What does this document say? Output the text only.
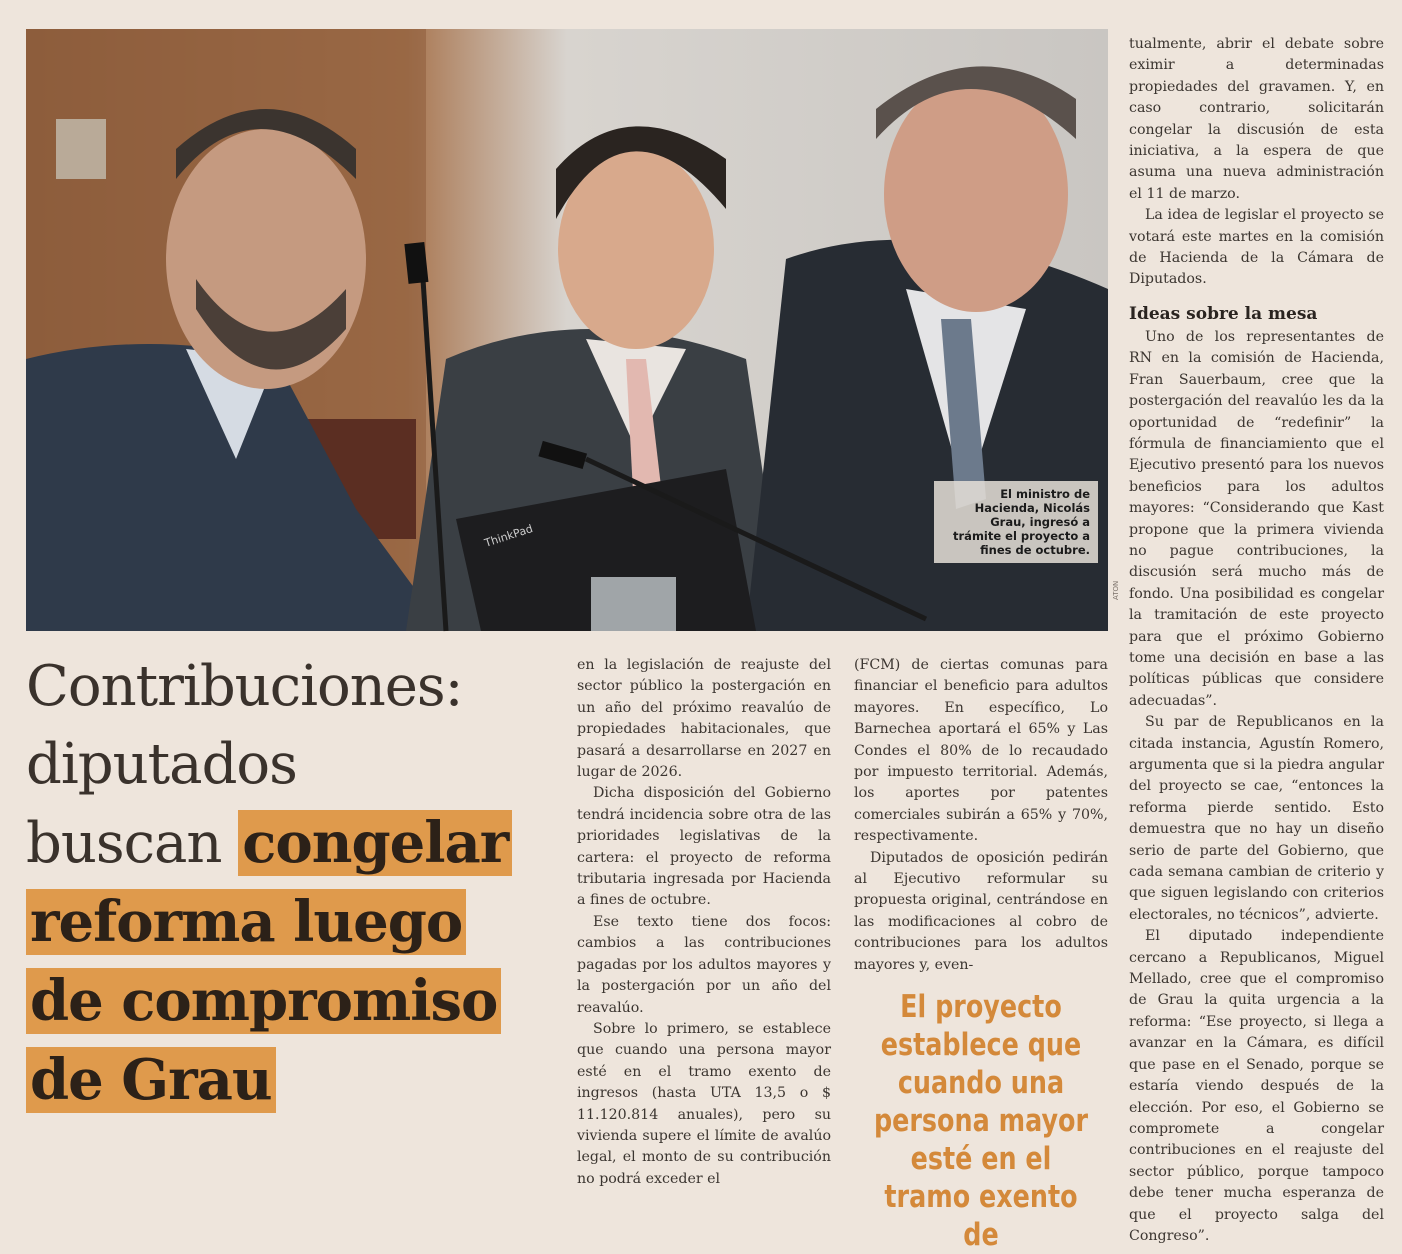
ThinkPad
El ministro de Hacienda, Nicolás Grau, ingresó a trámite el proyecto a fines de octubre.
ATON
Contribuciones:
diputados
buscan congelar
reforma luego
de compromiso
de Grau

en la legislación de reajuste del sector público la postergación en un año del próximo reavalúo de propiedades habitacionales, que pasará a desarrollarse en 2027 en lugar de 2026.

Dicha disposición del Gobierno tendrá incidencia sobre otra de las prioridades legislativas de la cartera: el proyecto de reforma tributaria ingresada por Hacienda a fines de octubre.

Ese texto tiene dos focos: cambios a las contribuciones pagadas por los adultos mayores y la postergación por un año del reavalúo.

Sobre lo primero, se establece que cuando una persona mayor esté en el tramo exento de ingresos (hasta UTA 13,5 o $ 11.120.814 anuales), pero su vivienda supere el límite de avalúo legal, el monto de su contribución no podrá exceder el

(FCM) de ciertas comunas para financiar el beneficio para adultos mayores. En específico, Lo Barnechea aportará el 65% y Las Condes el 80% de lo recaudado por impuesto territorial. Además, los aportes por patentes comerciales subirán a 65% y 70%, respectivamente.

Diputados de oposición pedirán al Ejecutivo reformular su propuesta original, centrándose en las modificaciones al cobro de contribuciones para los adultos mayores y, even-

El proyecto establece que cuando una persona mayor esté en el tramo exento de

tualmente, abrir el debate sobre eximir a determinadas propiedades del gravamen. Y, en caso contrario, solicitarán congelar la discusión de esta iniciativa, a la espera de que asuma una nueva administración el 11 de marzo.

La idea de legislar el proyecto se votará este martes en la comisión de Hacienda de la Cámara de Diputados.

Ideas sobre la mesa

Uno de los representantes de RN en la comisión de Hacienda, Fran Sauerbaum, cree que la postergación del reavalúo les da la oportunidad de “redefinir” la fórmula de financiamiento que el Ejecutivo presentó para los nuevos beneficios para los adultos mayores: “Considerando que Kast propone que la primera vivienda no pague contribuciones, la discusión será mucho más de fondo. Una posibilidad es congelar la tramitación de este proyecto para que el próximo Gobierno tome una decisión en base a las políticas públicas que considere adecuadas”.

Su par de Republicanos en la citada instancia, Agustín Romero, argumenta que si la piedra angular del proyecto se cae, “entonces la reforma pierde sentido. Esto demuestra que no hay un diseño serio de parte del Gobierno, que cada semana cambian de criterio y que siguen legislando con criterios electorales, no técnicos”, advierte.

El diputado independiente cercano a Republicanos, Miguel Mellado, cree que el compromiso de Grau la quita urgencia a la reforma: “Ese proyecto, si llega a avanzar en la Cámara, es difícil que pase en el Senado, porque se estaría viendo después de la elección. Por eso, el Gobierno se compromete a congelar contribuciones en el reajuste del sector público, porque tampoco debe tener mucha esperanza de que el proyecto salga del Congreso”.
